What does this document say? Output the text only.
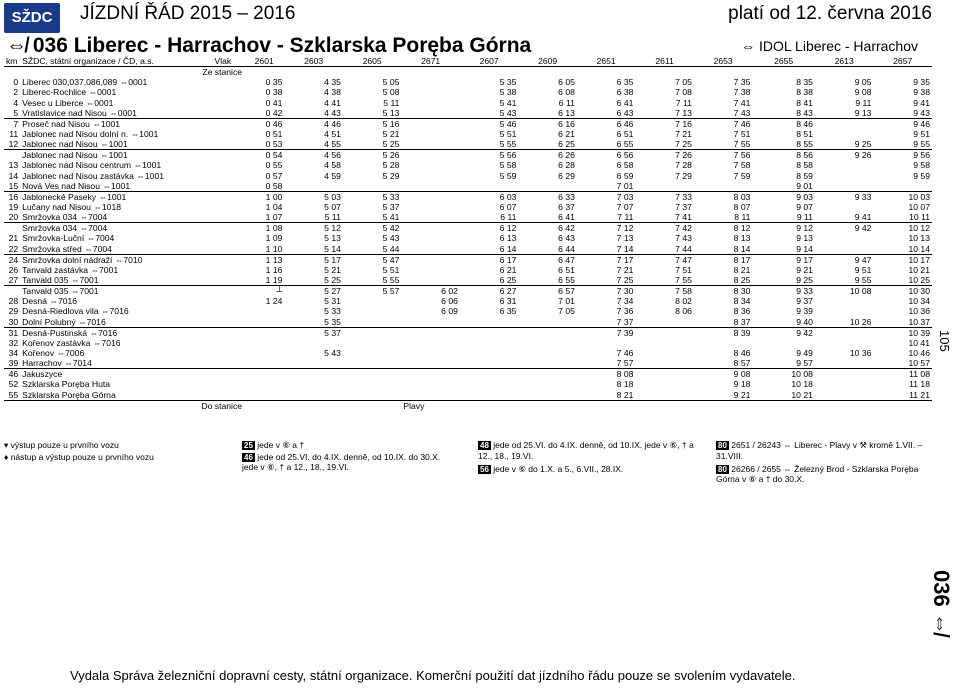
SŽDC	JÍZDNÍ ŘÁD 2015 – 2016	platí od 12. června 2016
⇎ 036 Liberec - Harrachov - Szklarska Poręba Górna	⇔ IDOL Liberec - Harrachov
km	SŽDC, státní organizace / ČD, a.s.	Vlak	2601	2603	2605	2671	2607	2609	2651	2611	2653	2655	2613	2657
	Ze stanice													
0	Liberec 030,037,086,089 ⇔0001		0 35	4 35	5 05		5 35	6 05	6 35	7 05	7 35	8 35	9 05	9 35
2	Liberec-Rochlice ⇔0001		0 38	4 38	5 08		5 38	6 08	6 38	7 08	7 38	8 38	9 08	9 38
4	Vesec u Liberce ⇔0001		0 41	4 41	5 11		5 41	6 11	6 41	7 11	7 41	8 41	9 11	9 41
5	Vratislavice nad Nisou ⇔0001		0 42	4 43	5 13		5 43	6 13	6 43	7 13	7 43	8 43	9 13	9 43
7	Proseč nad Nisou ⇔1001		0 46	4 46	5 16		5 46	6 16	6 46	7 16	7 46	8 46		9 46
11	Jablonec nad Nisou dolní n. ⇔1001		0 51	4 51	5 21		5 51	6 21	6 51	7 21	7 51	8 51		9 51
12	Jablonec nad Nisou ⇔1001		0 53	4 55	5 25		5 55	6 25	6 55	7 25	7 55	8 55	9 25	9 55
	Jablonec nad Nisou ⇔1001		0 54	4 56	5 26		5 56	6 26	6 56	7 26	7 56	8 56	9 26	9 56
13	Jablonec nad Nisou centrum ⇔1001		0 55	4 58	5 28		5 58	6 28	6 58	7 28	7 58	8 58		9 58
14	Jablonec nad Nisou zastávka ⇔1001		0 57	4 59	5 29		5 59	6 29	6 59	7 29	7 59	8 59		9 59
15	Nová Ves nad Nisou ⇔1001		0 58						7 01			9 01		
16	Jablonecké Paseky ⇔1001		1 00	5 03	5 33		6 03	6 33	7 03	7 33	8 03	9 03	9 33	10 03
19	Lučany nad Nisou ⇔1018		1 04	5 07	5 37		6 07	6 37	7 07	7 37	8 07	9 07		10 07
20	Smržovka 034 ⇔7004		1 07	5 11	5 41		6 11	6 41	7 11	7 41	8 11	9 11	9 41	10 11
	Smržovka 034 ⇔7004		1 08	5 12	5 42		6 12	6 42	7 12	7 42	8 12	9 12	9 42	10 12
21	Smržovka-Luční ⇔7004		1 09	5 13	5 43		6 13	6 43	7 13	7 43	8 13	9 13		10 13
22	Smržovka střed ⇔7004		1 10	5 14	5 44		6 14	6 44	7 14	7 44	8 14	9 14		10 14
24	Smržovka dolní nádraží ⇔7010		1 13	5 17	5 47		6 17	6 47	7 17	7 47	8 17	9 17	9 47	10 17
26	Tanvald zastávka ⇔7001		1 16	5 21	5 51		6 21	6 51	7 21	7 51	8 21	9 21	9 51	10 21
27	Tanvald 035 ⇔7001		1 19	5 25	5 55		6 25	6 55	7 25	7 55	8 25	9 25	9 55	10 25
	Tanvald 035 ⇔7001		┴	5 27	5 57	6 02	6 27	6 57	7 30	7 58	8 30	9 33	10 08	10 30
28	Desná ⇔7016		1 24	5 31		6 06	6 31	7 01	7 34	8 02	8 34	9 37		10 34
29	Desná-Riedlova vila ⇔7016			5 33		6 09	6 35	7 05	7 36	8 06	8 36	9 39		10 36
30	Dolní Polubný ⇔7016			5 35					7 37		8 37	9 40	10 26	10 37
31	Desná-Pustinská ⇔7016			5 37					7 39		8 39	9 42		10 39
32	Kořenov zastávka ⇔7016													10 41
34	Kořenov ⇔7006			5 43					7 46		8 46	9 49	10 36	10 46
39	Harrachov ⇔7014								7 57		8 57	9 57		10 57
46	Jakuszyce								8 08		9 08	10 08		11 08
52	Szklarska Poręba Huta								8 18		9 18	10 18		11 18
55	Szklarska Poręba Górna								8 21		9 21	10 21		11 21
	Do stanice					Plavy								
▾ výstup pouze u prvního vozu
♦ nástup a výstup pouze u prvního vozu
25 jede v ⑥ a †
46 jede od 25.VI. do 4.IX. denně, od 10.IX. do 30.X. jede v ⑥, † a 12., 18., 19.VI.
48 jede od 25.VI. do 4.IX. denně, od 10.IX. jede v ⑥, † a 12., 18., 19.VI.
56 jede v ⑥ do 1.X. a 5., 6.VII., 28.IX.
80 2651 / 26243 ⇔ Liberec - Plavy v ⚒ kromě 1.VII. – 31.VIII.
80 26266 / 2655 ⇔ Železný Brod - Szklarska Poręba Górna v ⑥ a † do 30.X.
Vydala Správa železniční dopravní cesty, státní organizace. Komerční použití dat jízdního řádu pouze se svolením vydavatele.
036 ⇎
105
